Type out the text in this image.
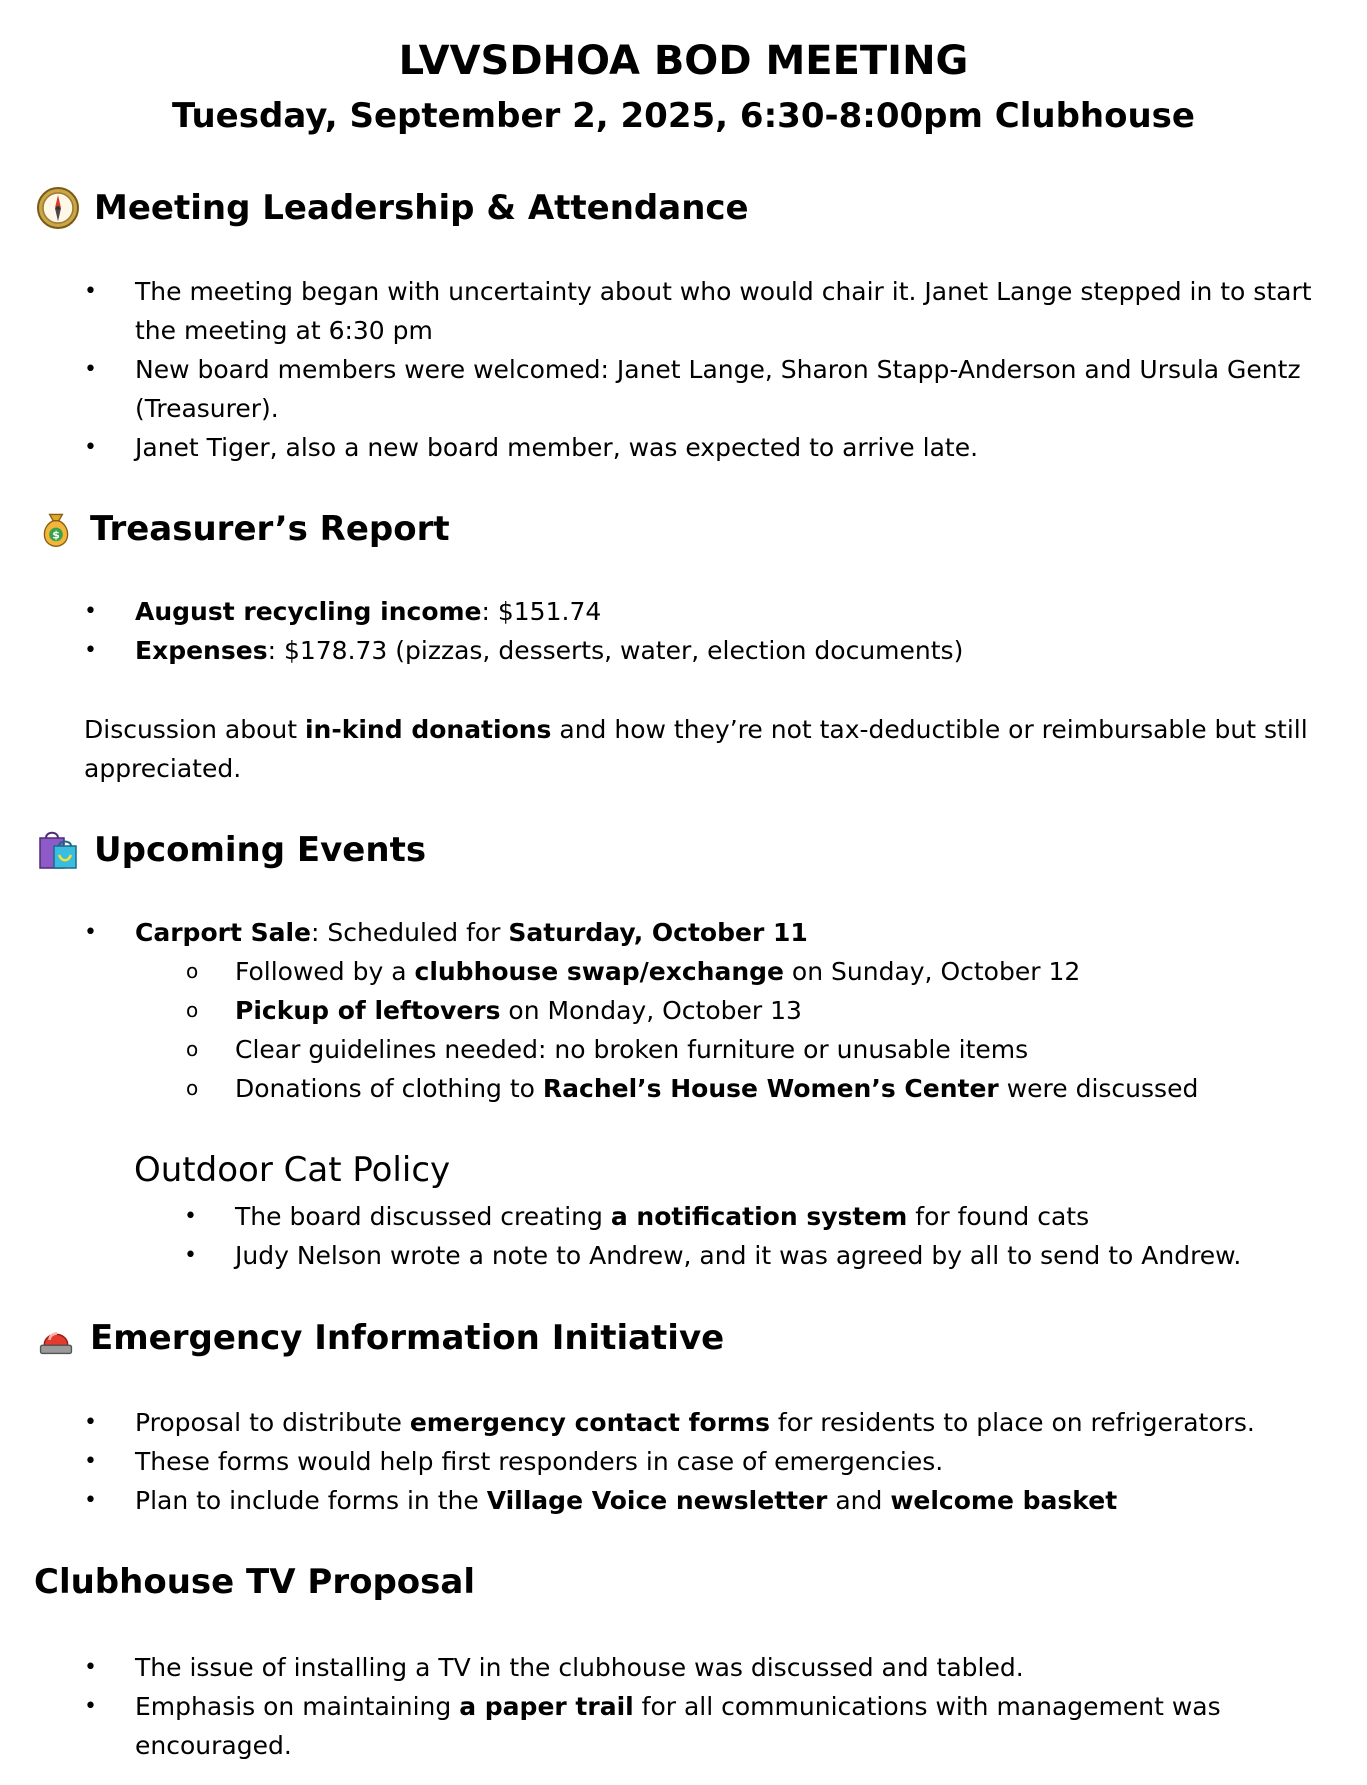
LVVSDHOA BOD MEETING
Tuesday, September 2, 2025, 6:30-8:00pm Clubhouse
Meeting Leadership & Attendance
• The meeting began with uncertainty about who would chair it. Janet Lange stepped in to start the meeting at 6:30 pm
• New board members were welcomed: Janet Lange, Sharon Stapp-Anderson and Ursula Gentz (Treasurer).
• Janet Tiger, also a new board member, was expected to arrive late.
$ Treasurer’s Report
• August recycling income: $151.74
• Expenses: $178.73 (pizzas, desserts, water, election documents)

Discussion about in-kind donations and how they’re not tax-deductible or reimbursable but still appreciated.

Upcoming Events
• Carport Sale: Scheduled for Saturday, October 11
o Followed by a clubhouse swap/exchange on Sunday, October 12
o Pickup of leftovers on Monday, October 13
o Clear guidelines needed: no broken furniture or unusable items
o Donations of clothing to Rachel’s House Women’s Center were discussed
Outdoor Cat Policy
• The board discussed creating a notification system for found cats
• Judy Nelson wrote a note to Andrew, and it was agreed by all to send to Andrew.
Emergency Information Initiative
• Proposal to distribute emergency contact forms for residents to place on refrigerators.
• These forms would help first responders in case of emergencies.
• Plan to include forms in the Village Voice newsletter and welcome basket
Clubhouse TV Proposal
• The issue of installing a TV in the clubhouse was discussed and tabled.
• Emphasis on maintaining a paper trail for all communications with management was encouraged.
